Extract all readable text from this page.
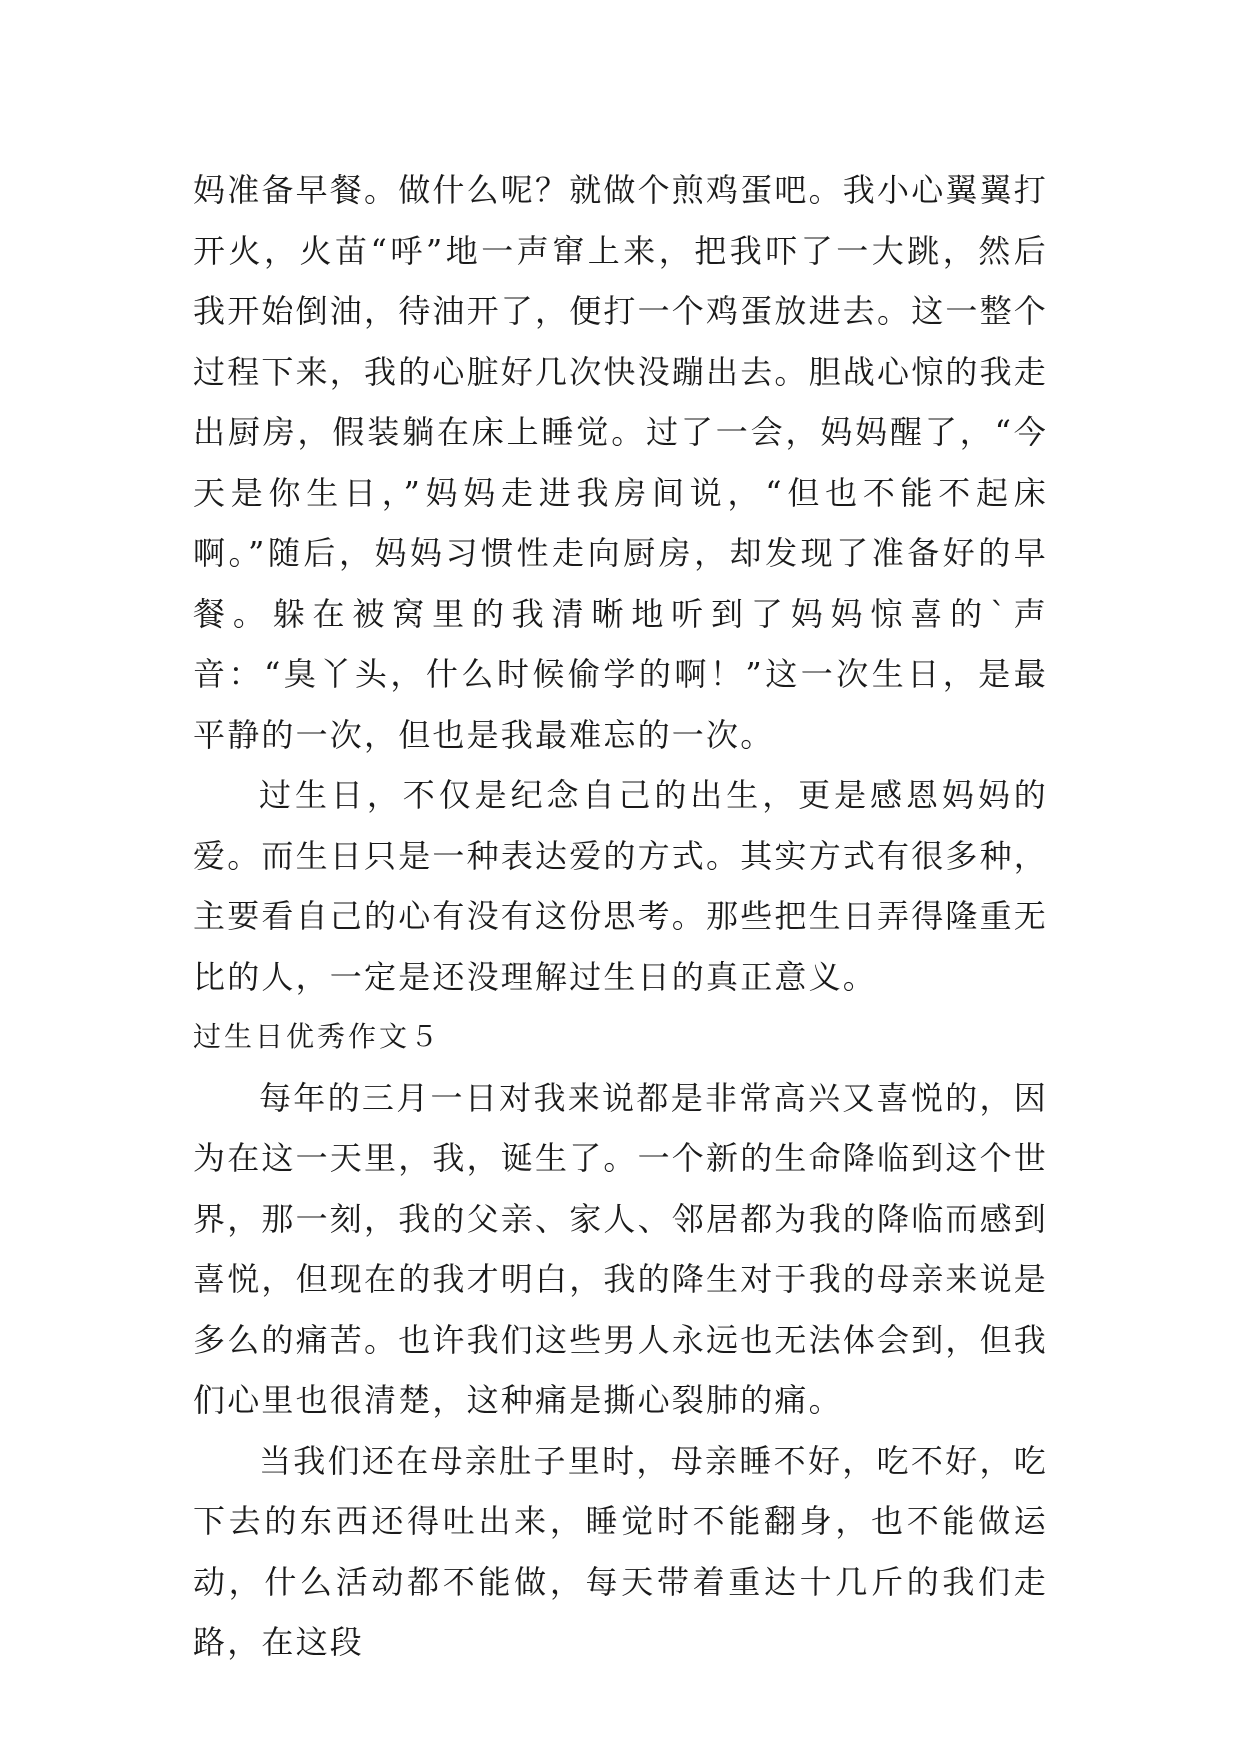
妈准备早餐。做什么呢？就做个煎鸡蛋吧。我小心翼翼打开火，火苗“呼”地一声窜上来，把我吓了一大跳，然后我开始倒油，待油开了，便打一个鸡蛋放进去。这一整个过程下来，我的心脏好几次快没蹦出去。胆战心惊的我走出厨房，假装躺在床上睡觉。过了一会，妈妈醒了，“今天是你生日，”妈妈走进我房间说，“但也不能不起床啊。”随后，妈妈习惯性走向厨房，却发现了准备好的早餐。躲在被窝里的我清晰地听到了妈妈惊喜的`声音：“臭丫头，什么时候偷学的啊！”这一次生日，是最平静的一次，但也是我最难忘的一次。

过生日，不仅是纪念自己的出生，更是感恩妈妈的爱。而生日只是一种表达爱的方式。其实方式有很多种，主要看自己的心有没有这份思考。那些把生日弄得隆重无比的人，一定是还没理解过生日的真正意义。

过生日优秀作文５

每年的三月一日对我来说都是非常高兴又喜悦的，因为在这一天里，我，诞生了。一个新的生命降临到这个世界，那一刻，我的父亲、家人、邻居都为我的降临而感到喜悦，但现在的我才明白，我的降生对于我的母亲来说是多么的痛苦。也许我们这些男人永远也无法体会到，但我们心里也很清楚，这种痛是撕心裂肺的痛。

当我们还在母亲肚子里时，母亲睡不好，吃不好，吃下去的东西还得吐出来，睡觉时不能翻身，也不能做运动，什么活动都不能做，每天带着重达十几斤的我们走路，在这段
